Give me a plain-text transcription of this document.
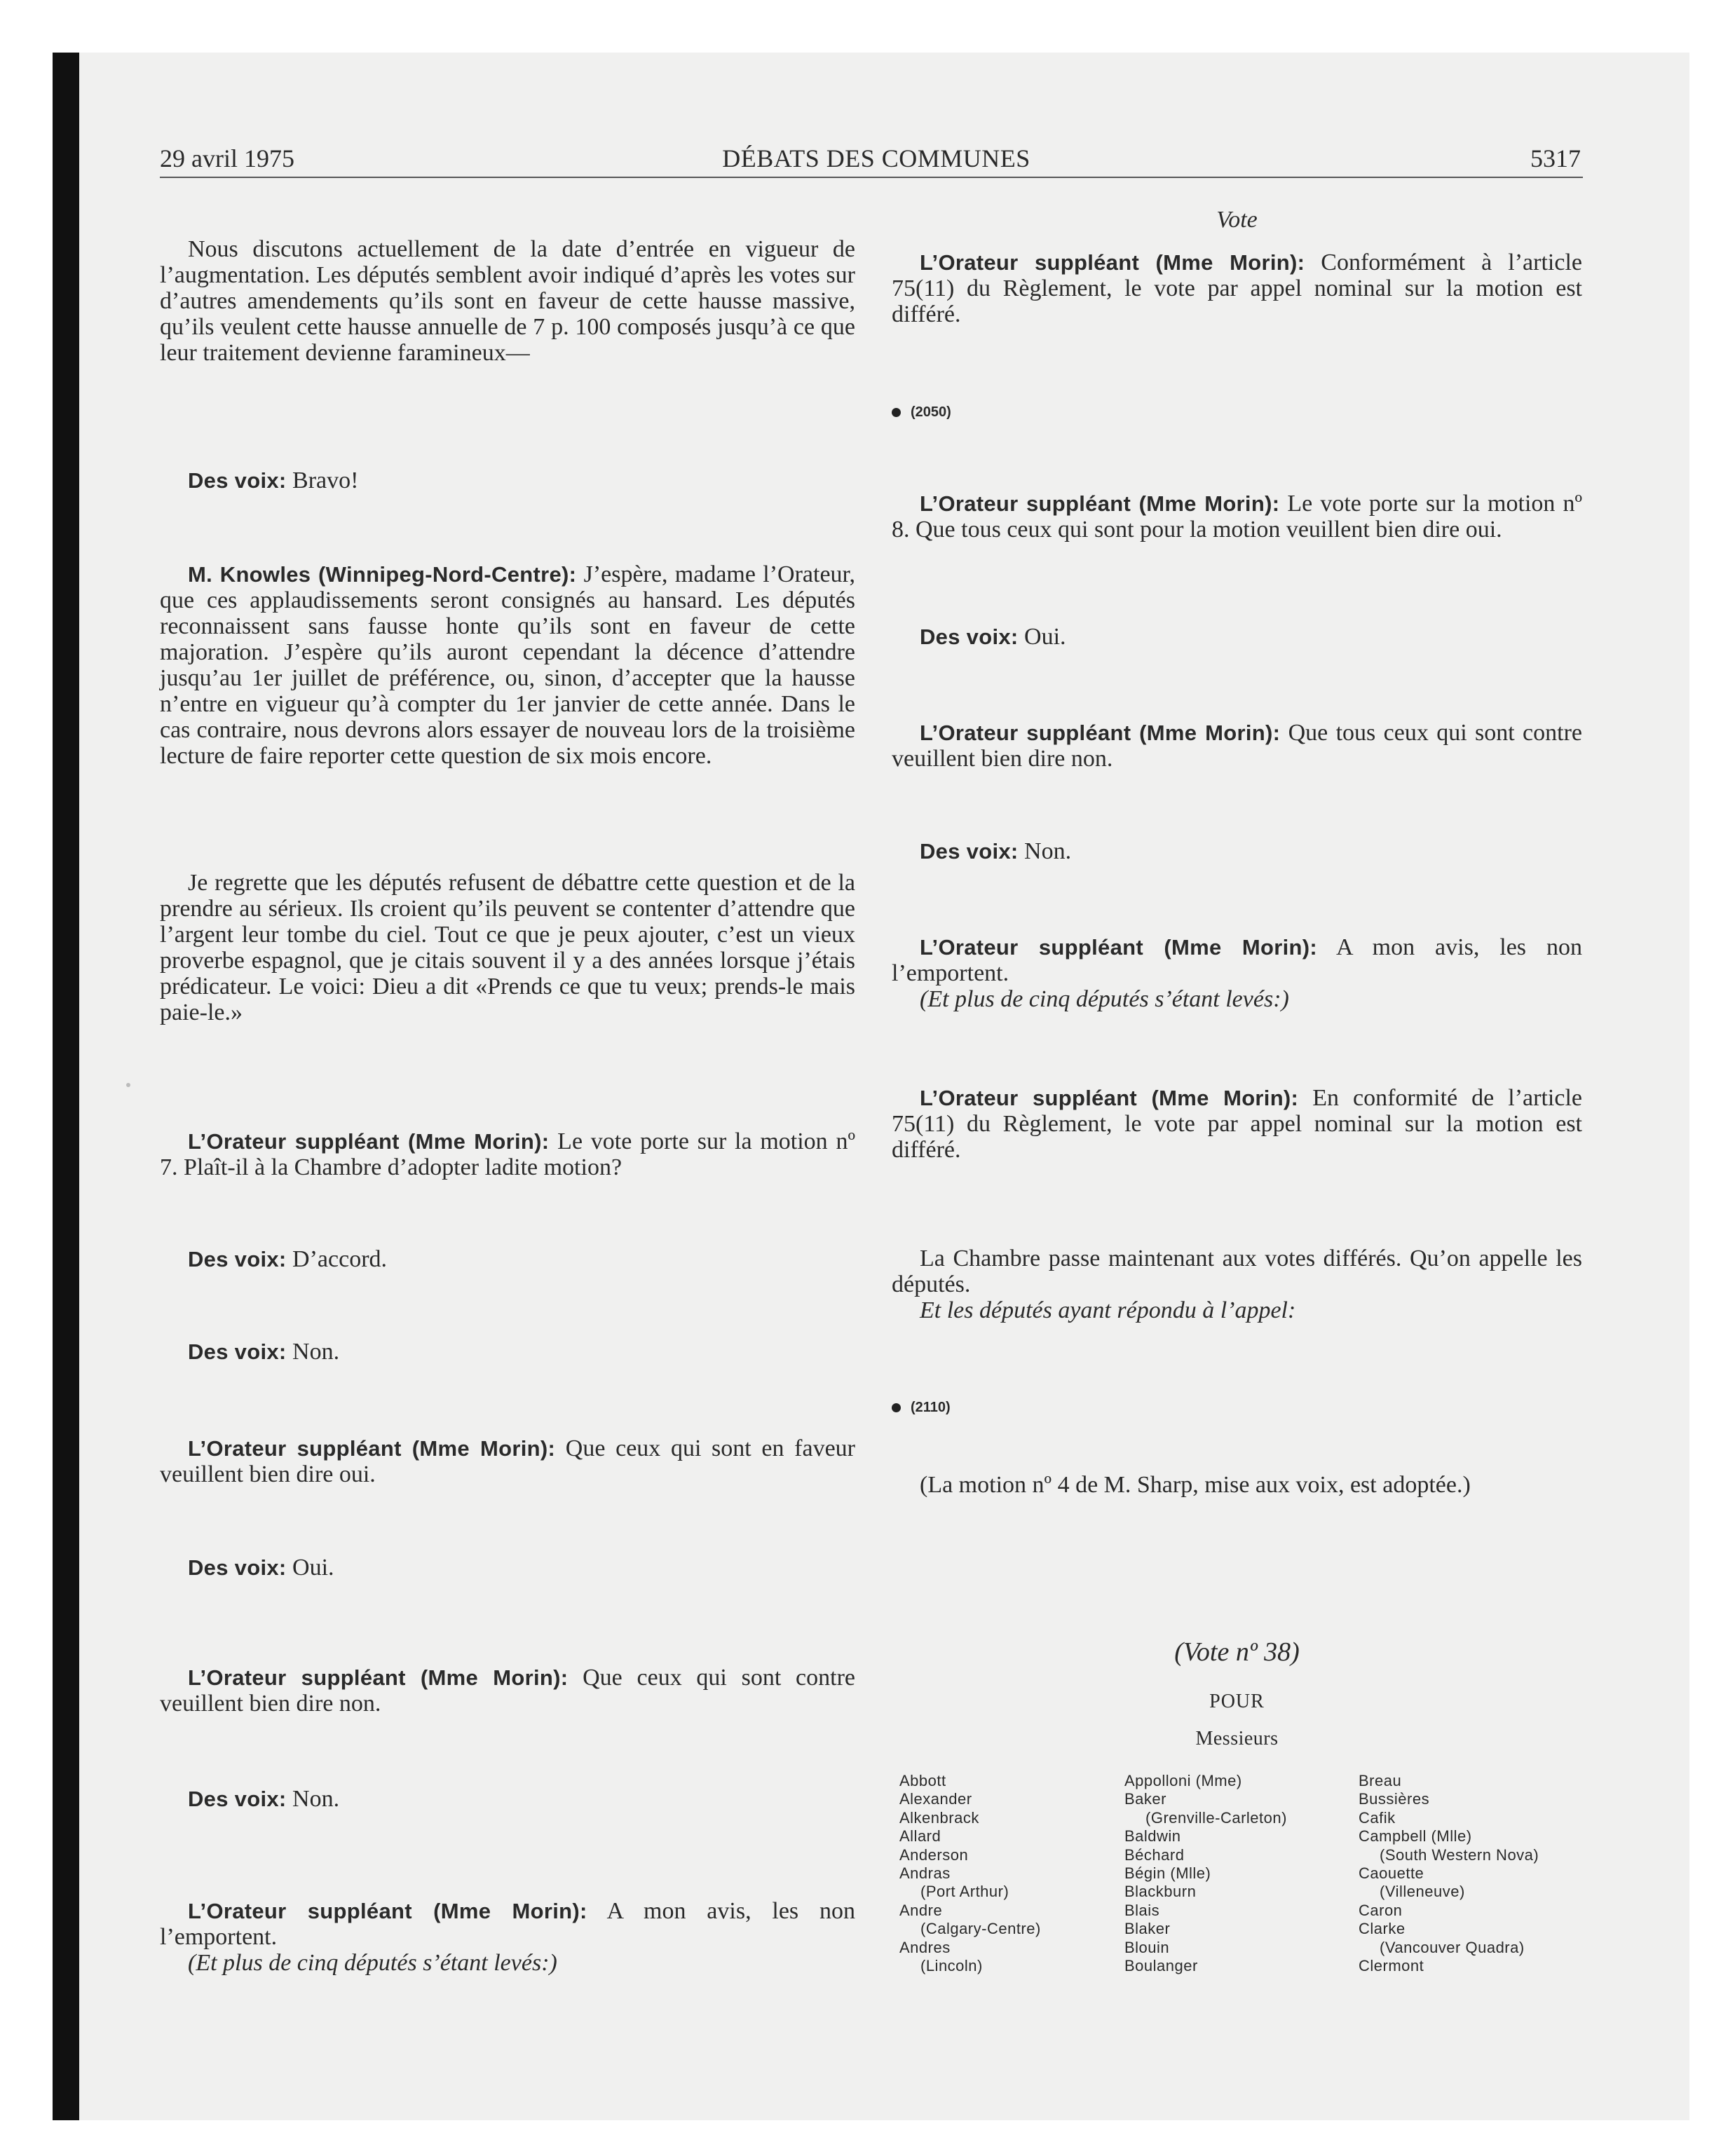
29 avril 1975	DÉBATS DES COMMUNES	5317

Nous discutons actuellement de la date d’entrée en vigueur de l’augmentation. Les députés semblent avoir indiqué d’après les votes sur d’autres amendements qu’ils sont en faveur de cette hausse massive, qu’ils veulent cette hausse annuelle de 7 p. 100 composés jusqu’à ce que leur traitement devienne faramineux—

Des voix: Bravo!

M. Knowles (Winnipeg-Nord-Centre): J’espère, madame l’Orateur, que ces applaudissements seront consignés au hansard. Les députés reconnaissent sans fausse honte qu’ils sont en faveur de cette majoration. J’espère qu’ils auront cependant la décence d’attendre jusqu’au 1er juillet de préférence, ou, sinon, d’accepter que la hausse n’entre en vigueur qu’à compter du 1er janvier de cette année. Dans le cas contraire, nous devrons alors essayer de nouveau lors de la troisième lecture de faire reporter cette question de six mois encore.

Je regrette que les députés refusent de débattre cette question et de la prendre au sérieux. Ils croient qu’ils peuvent se contenter d’attendre que l’argent leur tombe du ciel. Tout ce que je peux ajouter, c’est un vieux proverbe espagnol, que je citais souvent il y a des années lorsque j’étais prédicateur. Le voici: Dieu a dit «Prends ce que tu veux; prends-le mais paie-le.»

L’Orateur suppléant (Mme Morin): Le vote porte sur la motion nº 7. Plaît-il à la Chambre d’adopter ladite motion?

Des voix: D’accord.

Des voix: Non.

L’Orateur suppléant (Mme Morin): Que ceux qui sont en faveur veuillent bien dire oui.

Des voix: Oui.

L’Orateur suppléant (Mme Morin): Que ceux qui sont contre veuillent bien dire non.

Des voix: Non.

L’Orateur suppléant (Mme Morin): A mon avis, les non l’emportent.

(Et plus de cinq députés s’étant levés:)

Vote

L’Orateur suppléant (Mme Morin): Conformément à l’article 75(11) du Règlement, le vote par appel nominal sur la motion est différé.

(2050)

L’Orateur suppléant (Mme Morin): Le vote porte sur la motion nº 8. Que tous ceux qui sont pour la motion veuillent bien dire oui.

Des voix: Oui.

L’Orateur suppléant (Mme Morin): Que tous ceux qui sont contre veuillent bien dire non.

Des voix: Non.

L’Orateur suppléant (Mme Morin): A mon avis, les non l’emportent.

(Et plus de cinq députés s’étant levés:)

L’Orateur suppléant (Mme Morin): En conformité de l’article 75(11) du Règlement, le vote par appel nominal sur la motion est différé.

La Chambre passe maintenant aux votes différés. Qu’on appelle les députés.

Et les députés ayant répondu à l’appel:

(2110)

(La motion nº 4 de M. Sharp, mise aux voix, est adoptée.)

(Vote nº 38)
POUR
Messieurs
Abbott
Alexander
Alkenbrack
Allard
Anderson
Andras
(Port Arthur)
Andre
(Calgary-Centre)
Andres
(Lincoln)
Appolloni (Mme)
Baker
(Grenville-Carleton)
Baldwin
Béchard
Bégin (Mlle)
Blackburn
Blais
Blaker
Blouin
Boulanger
Breau
Bussières
Cafik
Campbell (Mlle)
(South Western Nova)
Caouette
(Villeneuve)
Caron
Clarke
(Vancouver Quadra)
Clermont
